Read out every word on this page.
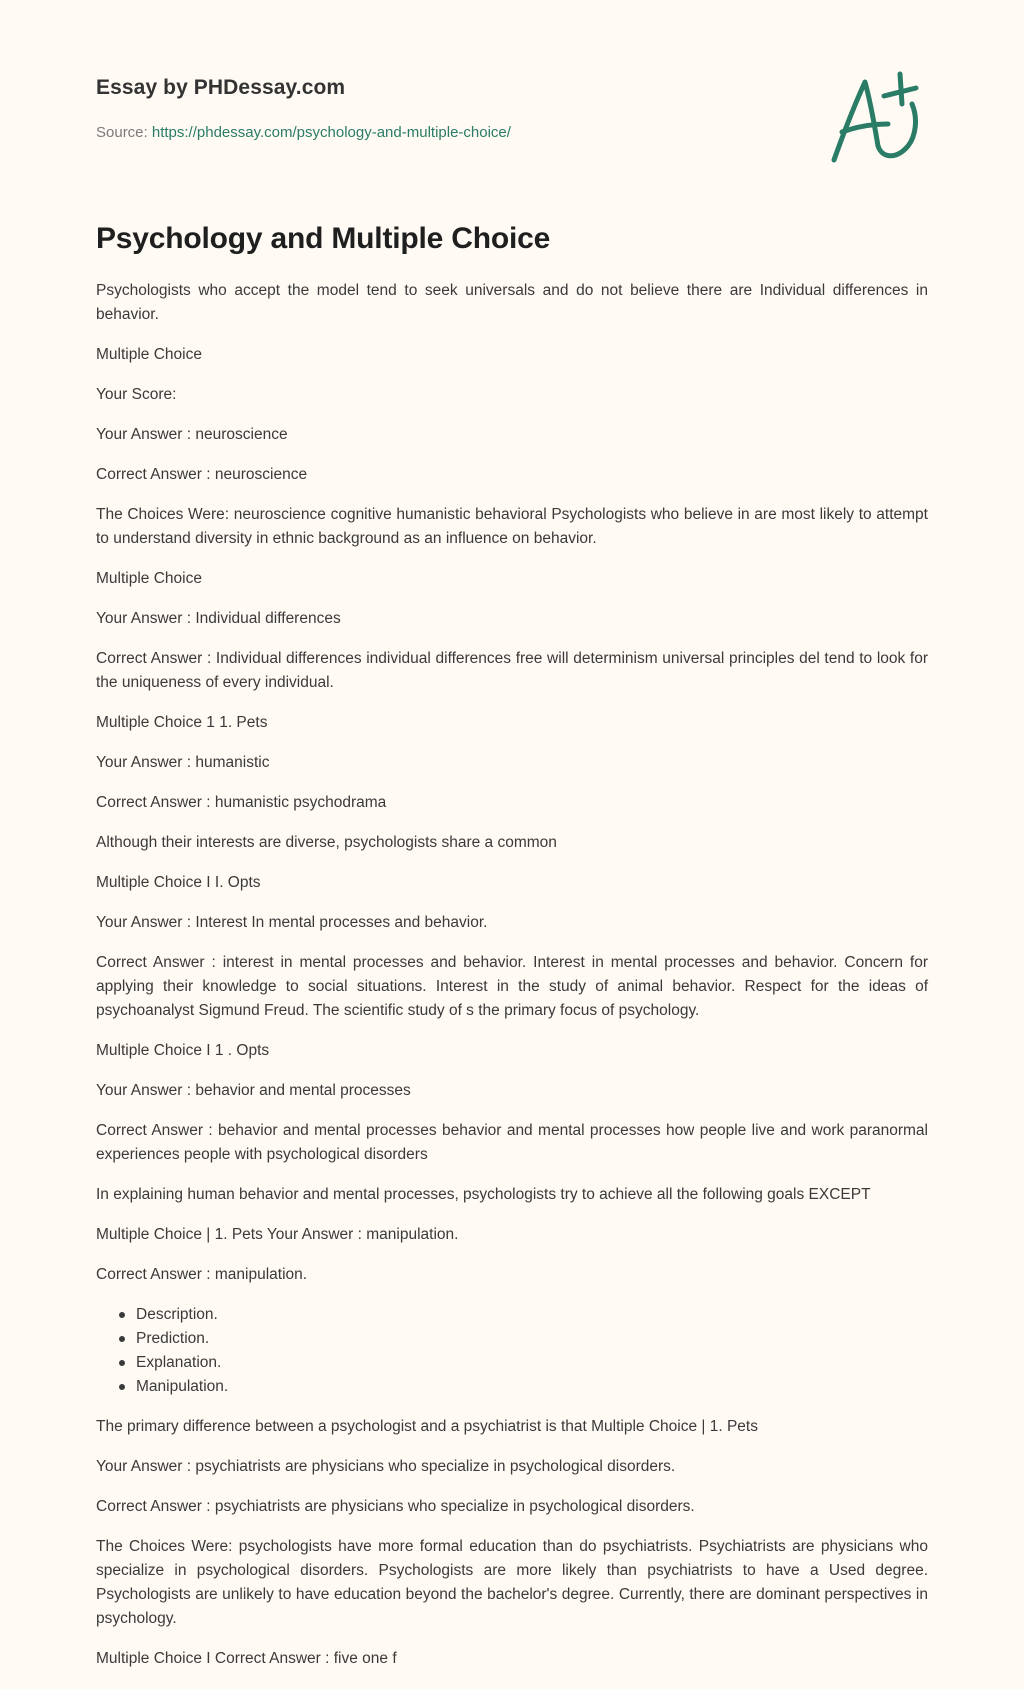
Essay by PHDessay.com
Source: https://phdessay.com/psychology-and-multiple-choice/
Psychology and Multiple Choice

Psychologists who accept the model tend to seek universals and do not believe there are Individual differences in behavior.

Multiple Choice

Your Score:

Your Answer : neuroscience

Correct Answer : neuroscience

The Choices Were: neuroscience cognitive humanistic behavioral Psychologists who believe in are most likely to attempt to understand diversity in ethnic background as an influence on behavior.

Multiple Choice

Your Answer : Individual differences

Correct Answer : Individual differences individual differences free will determinism universal principles del tend to look for the uniqueness of every individual.

Multiple Choice 1 1. Pets

Your Answer : humanistic

Correct Answer : humanistic psychodrama

Although their interests are diverse, psychologists share a common

Multiple Choice I I. Opts

Your Answer : Interest In mental processes and behavior.

Correct Answer : interest in mental processes and behavior. Interest in mental processes and behavior. Concern for applying their knowledge to social situations. Interest in the study of animal behavior. Respect for the ideas of psychoanalyst Sigmund Freud. The scientific study of s the primary focus of psychology.

Multiple Choice I 1 . Opts

Your Answer : behavior and mental processes

Correct Answer : behavior and mental processes behavior and mental processes how people live and work paranormal experiences people with psychological disorders

In explaining human behavior and mental processes, psychologists try to achieve all the following goals EXCEPT

Multiple Choice | 1. Pets Your Answer : manipulation.

Correct Answer : manipulation.

Description.
Prediction.
Explanation.
Manipulation.

The primary difference between a psychologist and a psychiatrist is that Multiple Choice | 1. Pets

Your Answer : psychiatrists are physicians who specialize in psychological disorders.

Correct Answer : psychiatrists are physicians who specialize in psychological disorders.

The Choices Were: psychologists have more formal education than do psychiatrists. Psychiatrists are physicians who specialize in psychological disorders. Psychologists are more likely than psychiatrists to have a Used degree. Psychologists are unlikely to have education beyond the bachelor's degree. Currently, there are dominant perspectives in psychology.

Multiple Choice I Correct Answer : five one f
